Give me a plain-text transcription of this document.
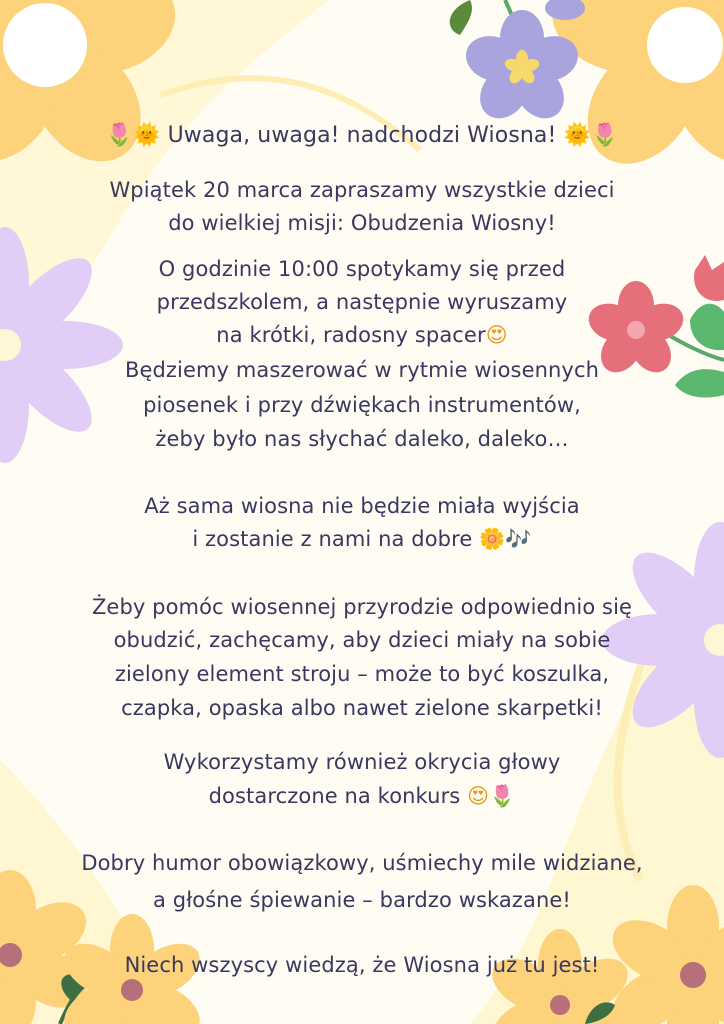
🌷🌞 Uwaga, uwaga! nadchodzi Wiosna! 🌞🌷
Wpiątek 20 marca zapraszamy wszystkie dzieci
do wielkiej misji: Obudzenia Wiosny!
O godzinie 10:00 spotykamy się przed
przedszkolem, a następnie wyruszamy
na krótki, radosny spacer😍
Będziemy maszerować w rytmie wiosennych
piosenek i przy dźwiękach instrumentów,
żeby było nas słychać daleko, daleko…
Aż sama wiosna nie będzie miała wyjścia
i zostanie z nami na dobre 🌼🎶
Żeby pomóc wiosennej przyrodzie odpowiednio się
obudzić, zachęcamy, aby dzieci miały na sobie
zielony element stroju – może to być koszulka,
czapka, opaska albo nawet zielone skarpetki!
Wykorzystamy również okrycia głowy
dostarczone na konkurs 😍🌷
Dobry humor obowiązkowy, uśmiechy mile widziane,
a głośne śpiewanie – bardzo wskazane!
Niech wszyscy wiedzą, że Wiosna już tu jest!
